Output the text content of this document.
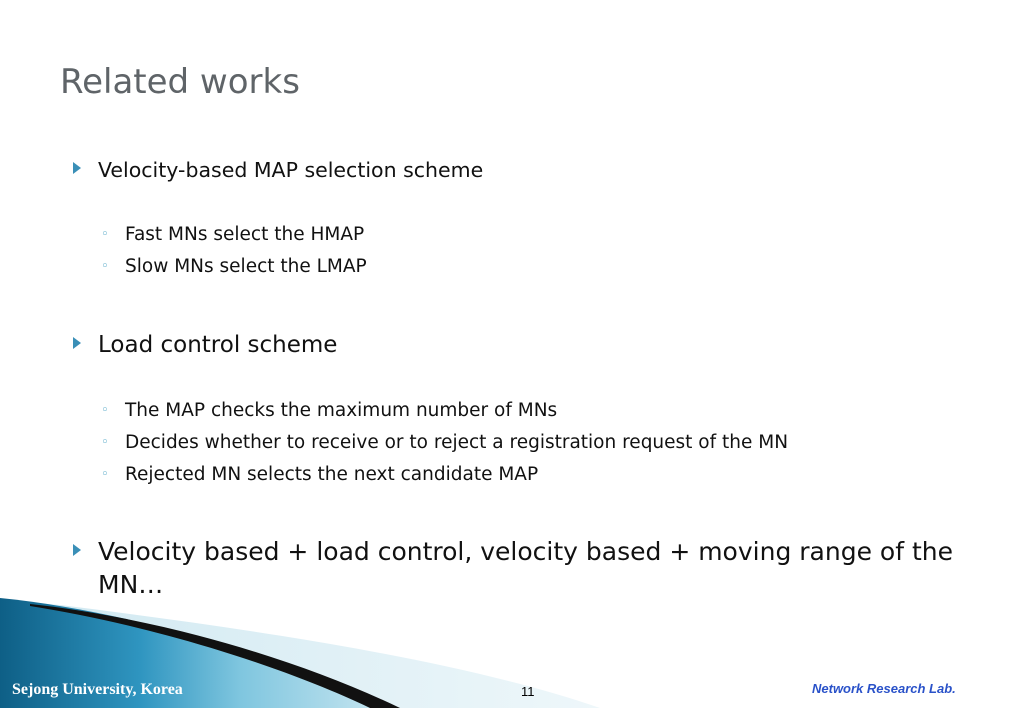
Related works
Velocity-based MAP selection scheme
◦ Fast MNs select the HMAP
◦ Slow MNs select the LMAP
Load control scheme
◦ The MAP checks the maximum number of MNs
◦ Decides whether to receive or to reject a registration request of the MN
◦ Rejected MN selects the next candidate MAP
Velocity based + load control, velocity based + moving range of the MN…
Sejong University, Korea	11	Network Research Lab.
